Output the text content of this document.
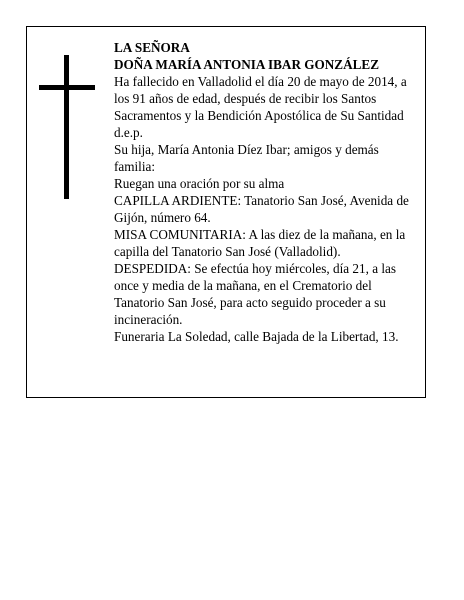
LA SEÑORA

DOÑA MARÍA ANTONIA IBAR GONZÁLEZ

Ha fallecido en Valladolid el día 20 de mayo de 2014, a los 91 años de edad, después de recibir los Santos Sacramentos y la Bendición Apostólica de Su Santidad d.e.p.

Su hija, María Antonia Díez Ibar; amigos y demás familia:

Ruegan una oración por su alma

CAPILLA ARDIENTE: Tanatorio San José, Avenida de Gijón, número 64.

MISA COMUNITARIA: A las diez de la mañana, en la capilla del Tanatorio San José (Valladolid).

DESPEDIDA: Se efectúa hoy miércoles, día 21, a las once y media de la mañana, en el Crematorio del Tanatorio San José, para acto seguido proceder a su incineración.

Funeraria La Soledad, calle Bajada de la Libertad, 13.
